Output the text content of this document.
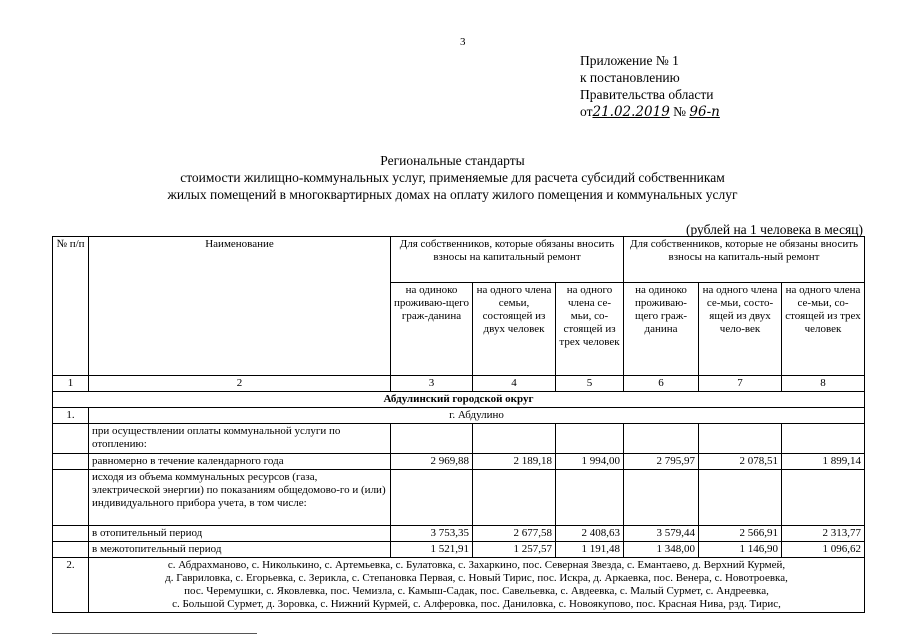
3
Приложение № 1
к постановлению
Правительства области
от21.02.2019 № 96-п
Региональные стандарты
стоимости жилищно-коммунальных услуг, применяемые для расчета субсидий собственникам
жилых помещений в многоквартирных домах на оплату жилого помещения и коммунальных услуг
(рублей на 1 человека в месяц)
№ п/п	Наименование	Для собственников, которые обязаны вносить взносы на капитальный ремонт			Для собственников, которые не обязаны вносить взносы на капиталь-ный ремонт		
		на одиноко проживаю-щего граж-данина	на одного члена семьи, состоящей из двух человек	на одного члена се-мьи, со-стоящей из трех человек	на одиноко проживаю-щего граж-данина	на одного члена се-мьи, состо-ящей из двух чело-век	на одного члена се-мьи, со-стоящей из трех человек
1	2	3	4	5	6	7	8
Абдулинский городской округ							
1.	г. Абдулино						
	при осуществлении оплаты коммунальной услуги по отоплению:						
	равномерно в течение календарного года	2 969,88	2 189,18	1 994,00	2 795,97	2 078,51	1 899,14
	исходя из объема коммунальных ресурсов (газа, электрической энергии) по показаниям общедомово-го и (или) индивидуального прибора учета, в том числе:						
	в отопительный период	3 753,35	2 677,58	2 408,63	3 579,44	2 566,91	2 313,77
	в межотопительный период	1 521,91	1 257,57	1 191,48	1 348,00	1 146,90	1 096,62
2.	с. Абдрахманово, с. Николькино, с. Артемьевка, с. Булатовка, с. Захаркино, пос. Северная Звезда, с. Емантаево, д. Верхний Курмей,
д. Гавриловка, с. Егорьевка, с. Зерикла, с. Степановка Первая, с. Новый Тирис, пос. Искра, д. Аркаевка, пос. Венера, с. Новотроевка,
пос. Черемушки, с. Яковлевка, пос. Чемизла, с. Камыш-Садак, пос. Савельевка, с. Авдеевка, с. Малый Сурмет, с. Андреевка,
с. Большой Сурмет, д. Зоровка, с. Нижний Курмей, с. Алферовка, пос. Даниловка, с. Новоякупово, пос. Красная Нива, рзд. Тирис,						
